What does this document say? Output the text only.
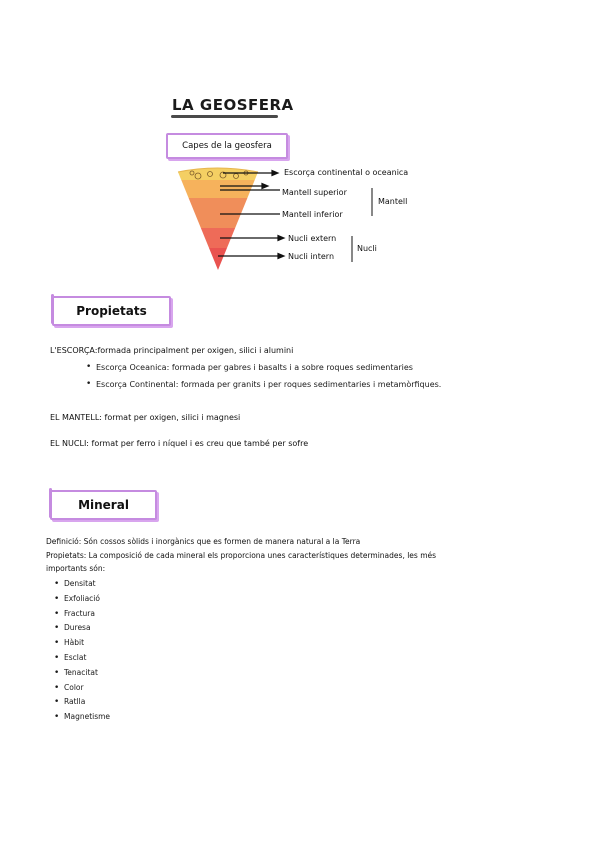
LA GEOSFERA
Capes de la geosfera
Escorça continental o oceanica
Mantell superior
Mantell inferior
Nucli extern
Nucli intern
Mantell
Nucli
Propietats
L'ESCORÇA:formada principalment per oxigen, silici i alumini
• Escorça Oceanica: formada per gabres i basalts i a sobre roques sedimentaries
• Escorça Continental: formada per granits i per roques sedimentaries i metamòrfiques.
EL MANTELL: format per oxigen, silici i magnesi
EL NUCLI: format per ferro i níquel i es creu que també per sofre
Mineral
Definició: Són cossos sòlids i inorgànics que es formen de manera natural a la Terra
Propietats: La composició de cada mineral els proporciona unes característiques determinades, les més
importants són:
• Densitat
• Exfoliació
• Fractura
• Duresa
• Hàbit
• Esclat
• Tenacitat
• Color
• Ratlla
• Magnetisme
